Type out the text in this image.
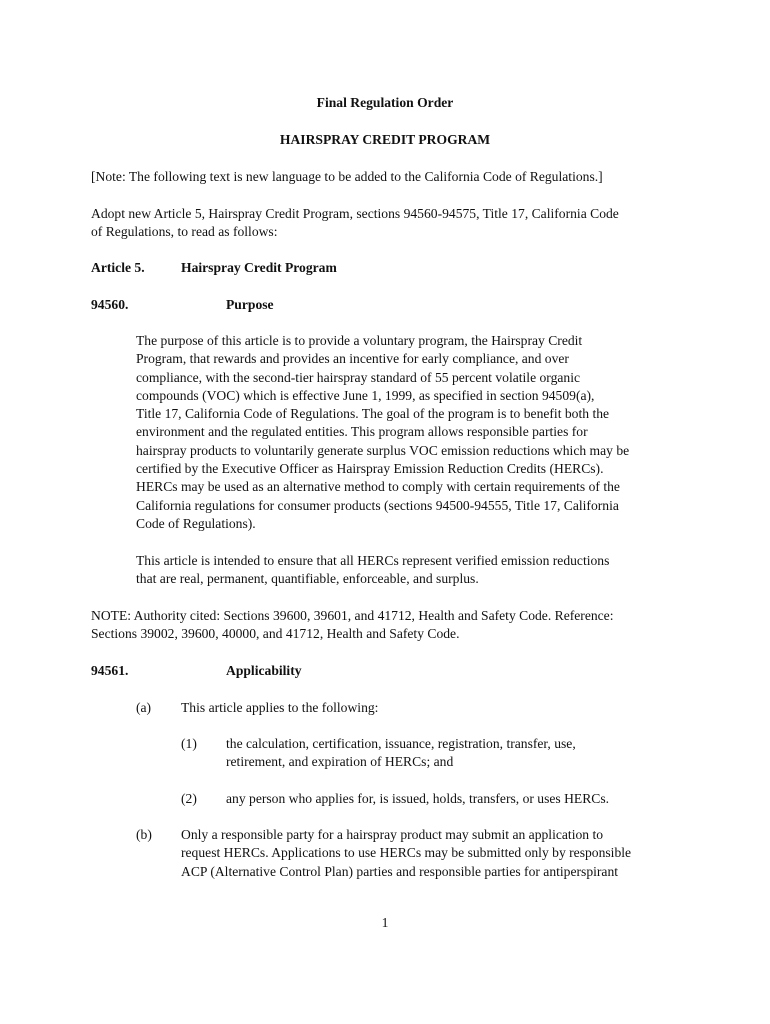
Final Regulation Order

HAIRSPRAY CREDIT PROGRAM

[Note: The following text is new language to be added to the California Code of Regulations.]

Adopt new Article 5, Hairspray Credit Program, sections 94560-94575, Title 17, California Code

of Regulations, to read as follows:

Article 5.	Hairspray Credit Program

94560.	Purpose

The purpose of this article is to provide a voluntary program, the Hairspray Credit
Program, that rewards and provides an incentive for early compliance, and over
compliance, with the second-tier hairspray standard of 55 percent volatile organic
compounds (VOC) which is effective June 1, 1999, as specified in section 94509(a),
Title 17, California Code of Regulations. The goal of the program is to benefit both the
environment and the regulated entities. This program allows responsible parties for
hairspray products to voluntarily generate surplus VOC emission reductions which may be
certified by the Executive Officer as Hairspray Emission Reduction Credits (HERCs).
HERCs may be used as an alternative method to comply with certain requirements of the
California regulations for consumer products (sections 94500-94555, Title 17, California
Code of Regulations).
This article is intended to ensure that all HERCs represent verified emission reductions
that are real, permanent, quantifiable, enforceable, and surplus.

NOTE: Authority cited: Sections 39600, 39601, and 41712, Health and Safety Code. Reference:

Sections 39002, 39600, 40000, and 41712, Health and Safety Code.

94561.	Applicability

(a) This article applies to the following:

(1) the calculation, certification, issuance, registration, transfer, use,
retirement, and expiration of HERCs; and

(2) any person who applies for, is issued, holds, transfers, or uses HERCs.

(b) Only a responsible party for a hairspray product may submit an application to
request HERCs. Applications to use HERCs may be submitted only by responsible
ACP (Alternative Control Plan) parties and responsible parties for antiperspirant

1
